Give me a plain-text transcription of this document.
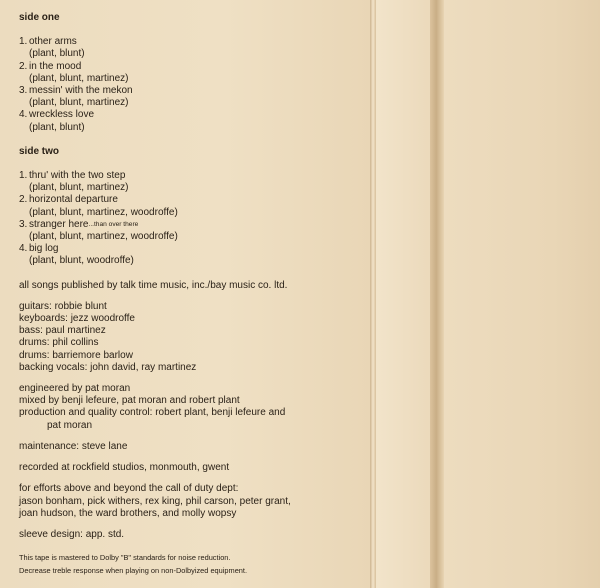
side one
1. other arms
(plant, blunt)
2. in the mood
(plant, blunt, martinez)
3. messin' with the mekon
(plant, blunt, martinez)
4. wreckless love
(plant, blunt)
side two
1. thru' with the two step
(plant, blunt, martinez)
2. horizontal departure
(plant, blunt, martinez, woodroffe)
3. stranger here ...than over there
(plant, blunt, martinez, woodroffe)
4. big log
(plant, blunt, woodroffe)
all songs published by talk time music, inc./bay music co. ltd.
guitars: robbie blunt
keyboards: jezz woodroffe
bass: paul martinez
drums: phil collins
drums: barriemore barlow
backing vocals: john david, ray martinez
engineered by pat moran
mixed by benji lefeure, pat moran and robert plant
production and quality control: robert plant, benji lefeure and
pat moran
maintenance: steve lane
recorded at rockfield studios, monmouth, gwent
for efforts above and beyond the call of duty dept:
jason bonham, pick withers, rex king, phil carson, peter grant,
joan hudson, the ward brothers, and molly wopsy
sleeve design: app. std.
This tape is mastered to Dolby "B" standards for noise reduction.
Decrease treble response when playing on non-Dolbyized equipment.
